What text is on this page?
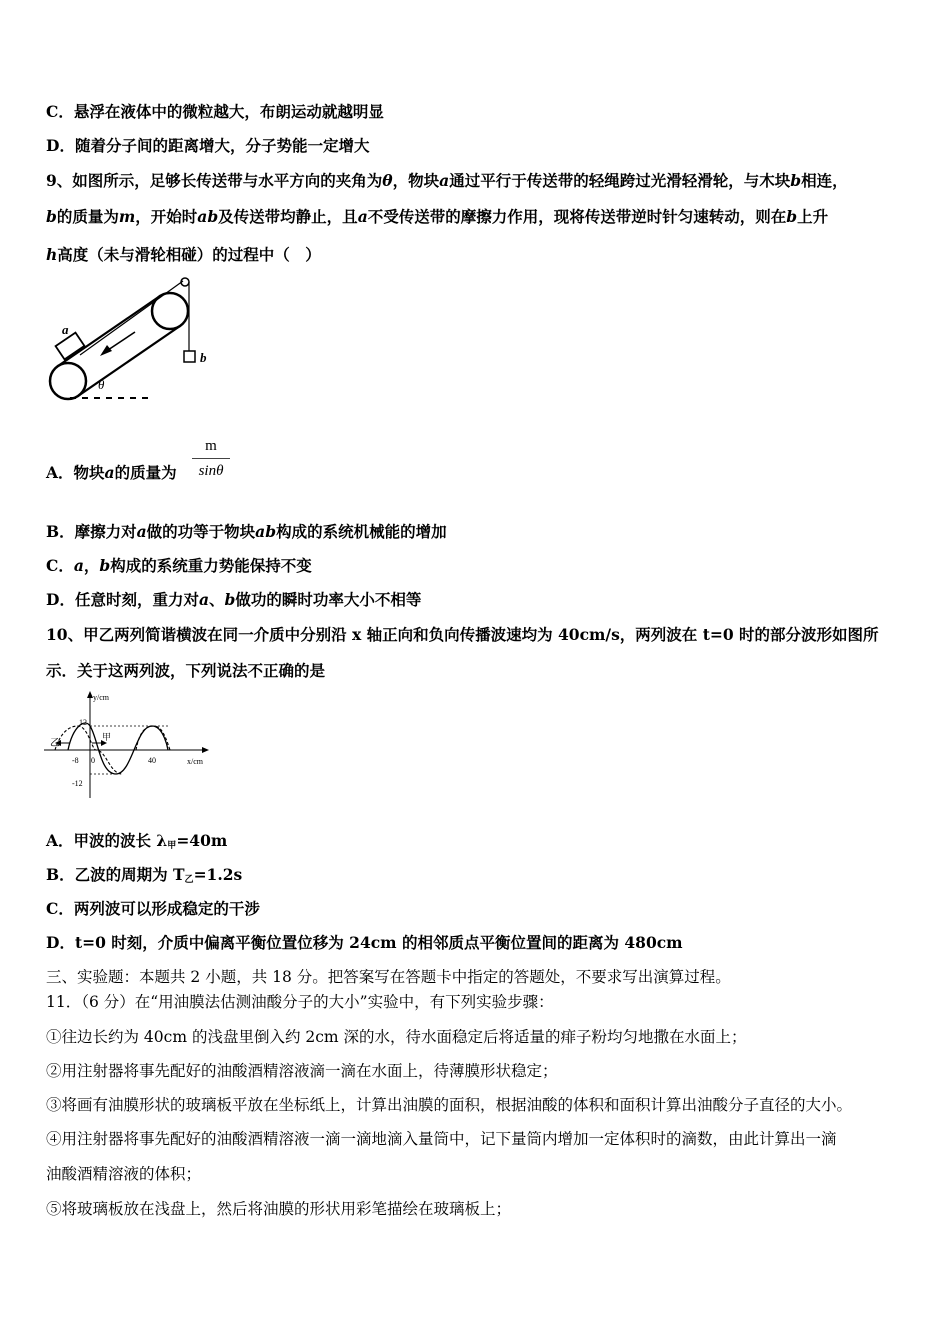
C．悬浮在液体中的微粒越大，布朗运动就越明显
D．随着分子间的距离增大，分子势能一定增大
9、如图所示，足够长传送带与水平方向的夹角为θ，物块a通过平行于传送带的轻绳跨过光滑轻滑轮，与木块b相连，
b的质量为m，开始时ab及传送带均静止，且a不受传送带的摩擦力作用，现将传送带逆时针匀速转动，则在b上升
h高度（未与滑轮相碰）的过程中（　）
a
b
θ
A．物块a的质量为
m
sinθ
B．摩擦力对a做的功等于物块ab构成的系统机械能的增加
C．a，b构成的系统重力势能保持不变
D．任意时刻，重力对a、b做功的瞬时功率大小不相等
10、甲乙两列简谐横波在同一介质中分别沿 x 轴正向和负向传播波速均为 40cm/s，两列波在 t=0 时的部分波形如图所
示．关于这两列波，下列说法不正确的是
y/cm
x/cm
12
-12
-8 0	40
乙
甲
A．甲波的波长 $\lambda_甲=40m$
B．乙波的周期为 $T_乙=1.2s$
C．两列波可以形成稳定的干涉
D．t=0 时刻，介质中偏离平衡位置位移为 24cm 的相邻质点平衡位置间的距离为 480cm
三、实验题：本题共 2 小题，共 18 分。把答案写在答题卡中指定的答题处，不要求写出演算过程。
11．（6 分）在“用油膜法估测油酸分子的大小”实验中，有下列实验步骤：
①往边长约为 40cm 的浅盘里倒入约 2cm 深的水，待水面稳定后将适量的痱子粉均匀地撒在水面上；
②用注射器将事先配好的油酸酒精溶液滴一滴在水面上，待薄膜形状稳定；
③将画有油膜形状的玻璃板平放在坐标纸上，计算出油膜的面积，根据油酸的体积和面积计算出油酸分子直径的大小。
④用注射器将事先配好的油酸酒精溶液一滴一滴地滴入量筒中，记下量筒内增加一定体积时的滴数，由此计算出一滴
油酸酒精溶液的体积；
⑤将玻璃板放在浅盘上，然后将油膜的形状用彩笔描绘在玻璃板上；
